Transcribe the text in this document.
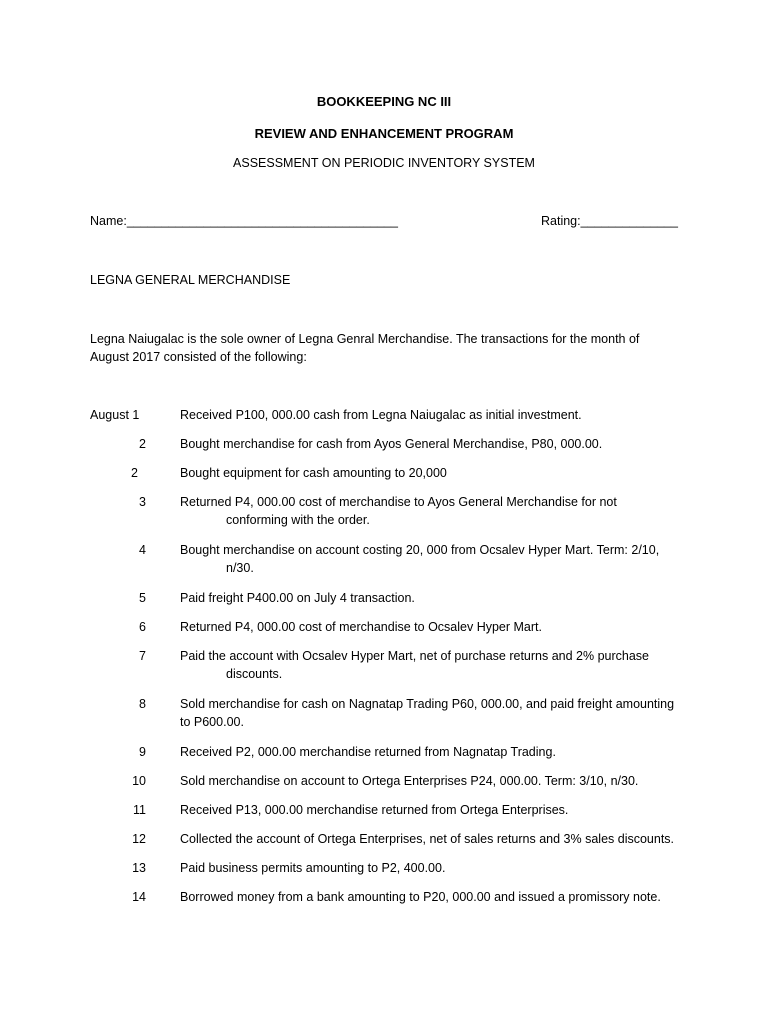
BOOKKEEPING NC III
REVIEW AND ENHANCEMENT PROGRAM
ASSESSMENT ON PERIODIC INVENTORY SYSTEM
Name:_______________________________________	Rating:______________
LEGNA GENERAL MERCHANDISE
Legna Naiugalac is the sole owner of Legna Genral Merchandise. The transactions for the month of August 2017 consisted of the following:
August 1	Received P100, 000.00 cash from Legna Naiugalac as initial investment.
2	Bought merchandise for cash from Ayos General Merchandise, P80, 000.00.
2	Bought equipment for cash amounting to 20,000
3	Returned P4, 000.00 cost of merchandise to Ayos General Merchandise for not
conforming with the order.
4	Bought merchandise on account costing 20, 000 from Ocsalev Hyper Mart. Term: 2/10,
n/30.
5	Paid freight P400.00 on July 4 transaction.
6	Returned P4, 000.00 cost of merchandise to Ocsalev Hyper Mart.
7	Paid the account with Ocsalev Hyper Mart, net of purchase returns and 2% purchase
discounts.
8	Sold merchandise for cash on Nagnatap Trading P60, 000.00, and paid freight amounting
to P600.00.
9	Received P2, 000.00 merchandise returned from Nagnatap Trading.
10	Sold merchandise on account to Ortega Enterprises P24, 000.00. Term: 3/10, n/30.
11	Received P13, 000.00 merchandise returned from Ortega Enterprises.
12	Collected the account of Ortega Enterprises, net of sales returns and 3% sales discounts.
13	Paid business permits amounting to P2, 400.00.
14	Borrowed money from a bank amounting to P20, 000.00 and issued a promissory note.
